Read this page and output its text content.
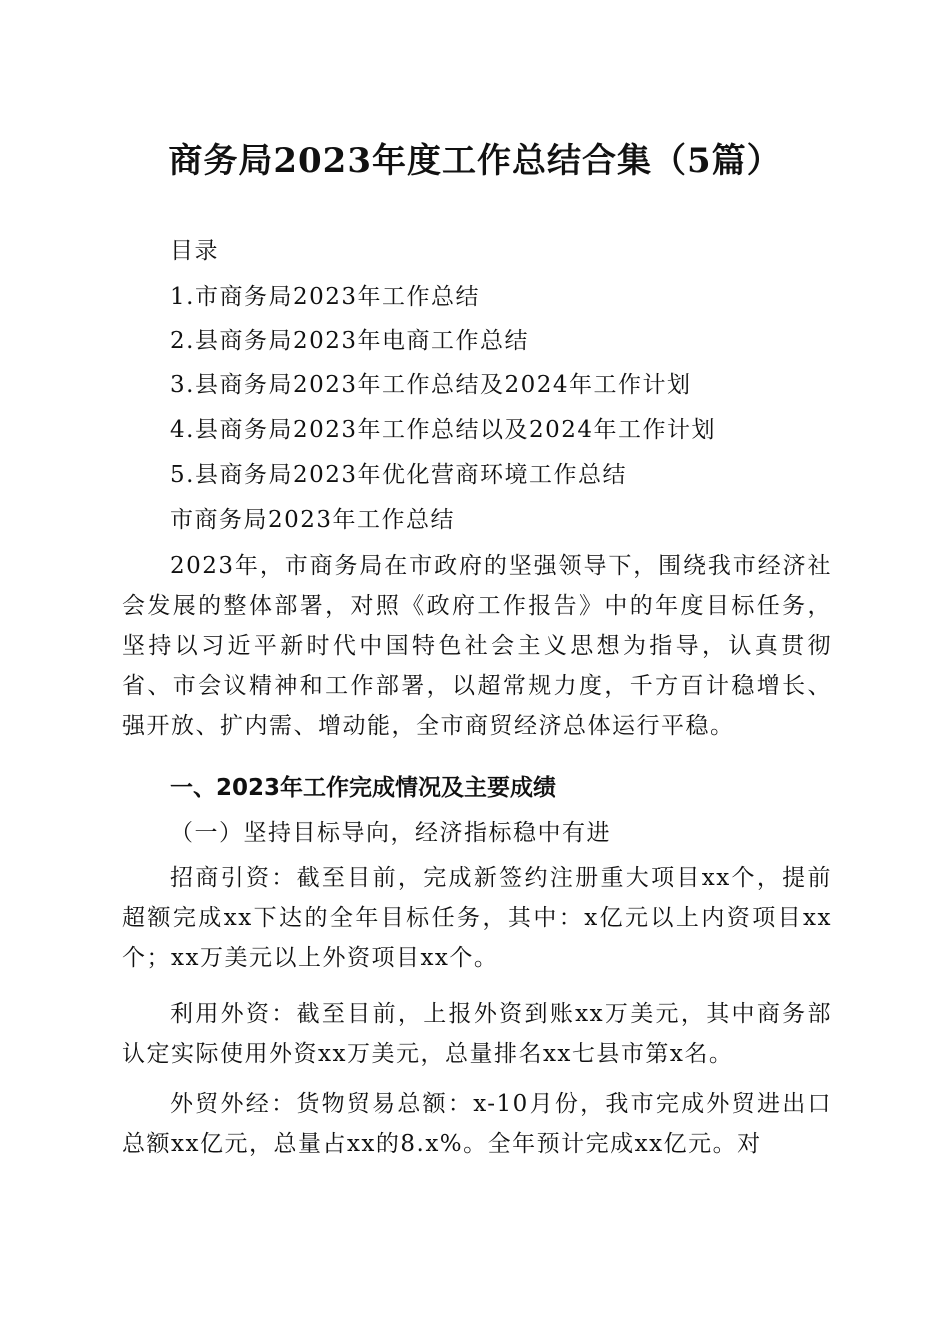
商务局2023年度工作总结合集（5篇）
目录
1.市商务局2023年工作总结
2.县商务局2023年电商工作总结
3.县商务局2023年工作总结及2024年工作计划
4.县商务局2023年工作总结以及2024年工作计划
5.县商务局2023年优化营商环境工作总结
市商务局2023年工作总结
2023年，市商务局在市政府的坚强领导下，围绕我市经济社会发展的整体部署，对照《政府工作报告》中的年度目标任务，坚持以习近平新时代中国特色社会主义思想为指导，认真贯彻省、市会议精神和工作部署，以超常规力度，千方百计稳增长、强开放、扩内需、增动能，全市商贸经济总体运行平稳。
一、2023年工作完成情况及主要成绩
（一）坚持目标导向，经济指标稳中有进
招商引资：截至目前，完成新签约注册重大项目xx个，提前超额完成xx下达的全年目标任务，其中：x亿元以上内资项目xx个；xx万美元以上外资项目xx个。
利用外资：截至目前，上报外资到账xx万美元，其中商务部认定实际使用外资xx万美元，总量排名xx七县市第x名。
外贸外经：货物贸易总额：x-10月份，我市完成外贸进出口总额xx亿元，总量占xx的8.x%。全年预计完成xx亿元。对
